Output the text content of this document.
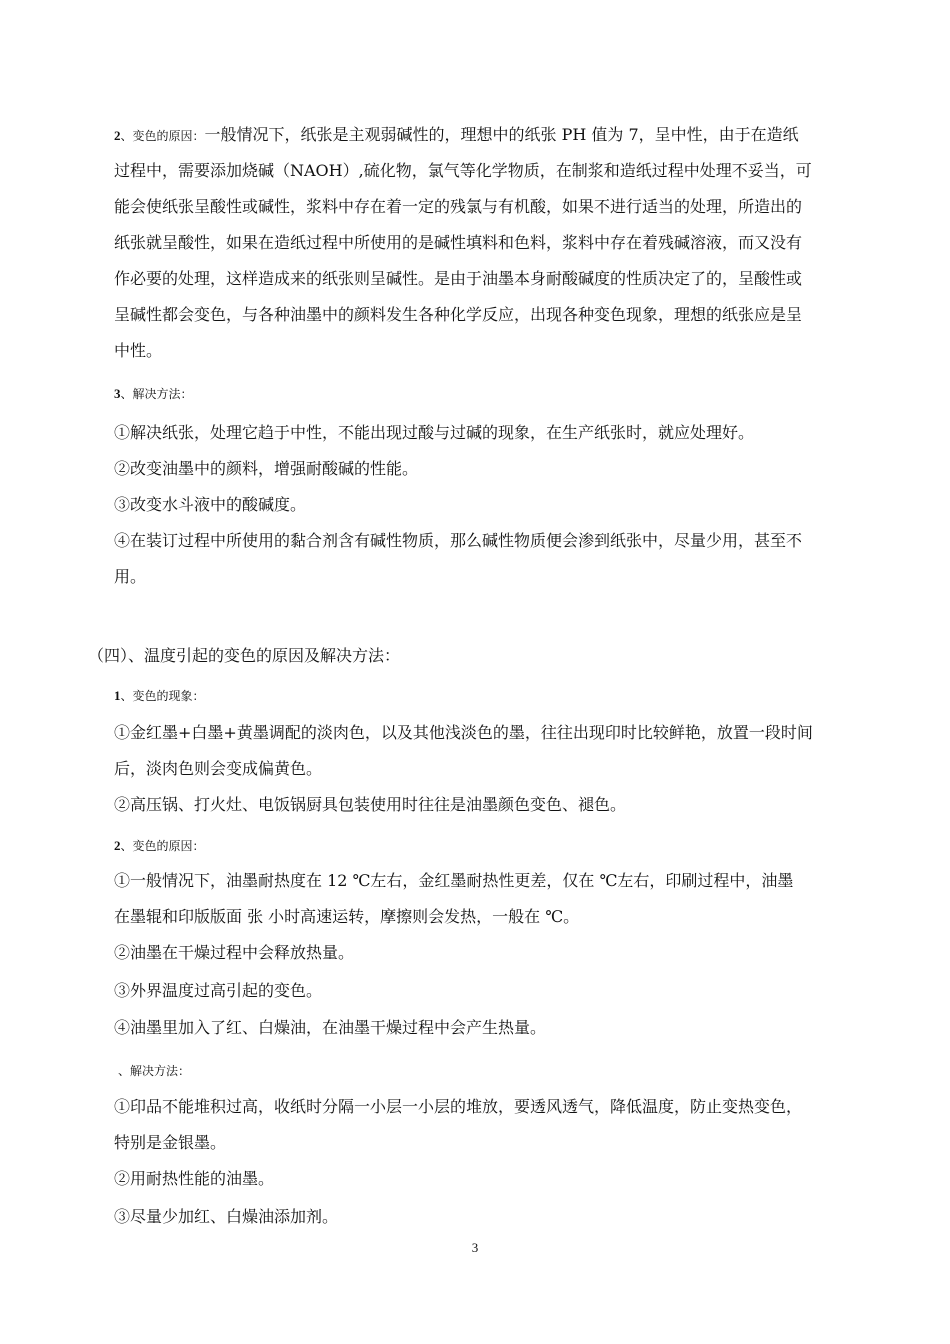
2、变色的原因：一般情况下，纸张是主观弱碱性的，理想中的纸张 PH 值为 7，呈中性，由于在造纸
过程中，需要添加烧碱（NAOH）,硫化物，氯气等化学物质，在制浆和造纸过程中处理不妥当，可
能会使纸张呈酸性或碱性，浆料中存在着一定的残氯与有机酸，如果不进行适当的处理，所造出的
纸张就呈酸性，如果在造纸过程中所使用的是碱性填料和色料，浆料中存在着残碱溶液，而又没有
作必要的处理，这样造成来的纸张则呈碱性。是由于油墨本身耐酸碱度的性质决定了的，呈酸性或
呈碱性都会变色，与各种油墨中的颜料发生各种化学反应，出现各种变色现象，理想的纸张应是呈
中性。
3、解决方法：
①解决纸张，处理它趋于中性，不能出现过酸与过碱的现象，在生产纸张时，就应处理好。
②改变油墨中的颜料，增强耐酸碱的性能。
③改变水斗液中的酸碱度。
④在装订过程中所使用的黏合剂含有碱性物质，那么碱性物质便会渗到纸张中，尽量少用，甚至不
用。
（四）、温度引起的变色的原因及解决方法：
1、变色的现象：
①金红墨+白墨+黄墨调配的淡肉色，以及其他浅淡色的墨，往往出现印时比较鲜艳，放置一段时间
后，淡肉色则会变成偏黄色。
②高压锅、打火灶、电饭锅厨具包装使用时往往是油墨颜色变色、褪色。
2、变色的原因：
①一般情况下，油墨耐热度在 12 ℃左右，金红墨耐热性更差，仅在 ℃左右，印刷过程中，油墨
在墨辊和印版版面 张 小时高速运转，摩擦则会发热，一般在 ℃。
②油墨在干燥过程中会释放热量。
③外界温度过高引起的变色。
④油墨里加入了红、白燥油，在油墨干燥过程中会产生热量。
、解决方法：
①印品不能堆积过高，收纸时分隔一小层一小层的堆放，要透风透气，降低温度，防止变热变色，
特别是金银墨。
②用耐热性能的油墨。
③尽量少加红、白燥油添加剂。
3
